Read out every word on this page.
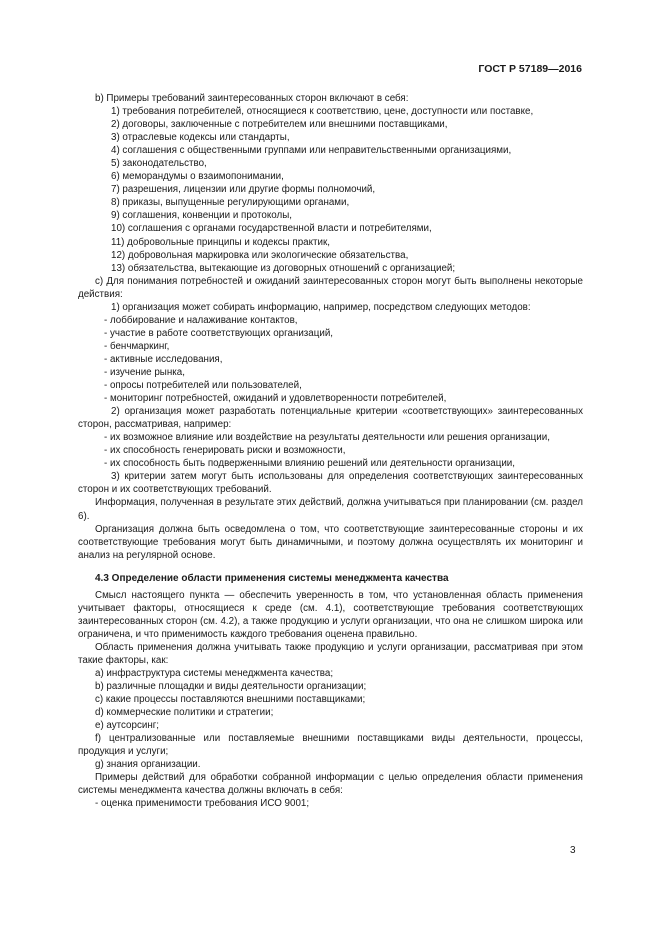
ГОСТ Р 57189—2016

b) Примеры требований заинтересованных сторон включают в себя:

1) требования потребителей, относящиеся к соответствию, цене, доступности или поставке,

2) договоры, заключенные с потребителем или внешними поставщиками,

3) отраслевые кодексы или стандарты,

4) соглашения с общественными группами или неправительственными организациями,

5) законодательство,

6) меморандумы о взаимопонимании,

7) разрешения, лицензии или другие формы полномочий,

8) приказы, выпущенные регулирующими органами,

9) соглашения, конвенции и протоколы,

10) соглашения с органами государственной власти и потребителями,

11) добровольные принципы и кодексы практик,

12) добровольная маркировка или экологические обязательства,

13) обязательства, вытекающие из договорных отношений с организацией;

c) Для понимания потребностей и ожиданий заинтересованных сторон могут быть выполнены некоторые действия:

1) организация может собирать информацию, например, посредством следующих методов:

- лоббирование и налаживание контактов,

- участие в работе соответствующих организаций,

- бенчмаркинг,

- активные исследования,

- изучение рынка,

- опросы потребителей или пользователей,

- мониторинг потребностей, ожиданий и удовлетворенности потребителей,

2) организация может разработать потенциальные критерии «соответствующих» заинтересованных сторон, рассматривая, например:

- их возможное влияние или воздействие на результаты деятельности или решения организации,

- их способность генерировать риски и возможности,

- их способность быть подверженными влиянию решений или деятельности организации,

3) критерии затем могут быть использованы для определения соответствующих заинтересованных сторон и их соответствующих требований.

Информация, полученная в результате этих действий, должна учитываться при планировании (см. раздел 6).

Организация должна быть осведомлена о том, что соответствующие заинтересованные стороны и их соответствующие требования могут быть динамичными, и поэтому должна осуществлять их мониторинг и анализ на регулярной основе.

4.3 Определение области применения системы менеджмента качества

Смысл настоящего пункта — обеспечить уверенность в том, что установленная область применения учитывает факторы, относящиеся к среде (см. 4.1), соответствующие требования соответствующих заинтересованных сторон (см. 4.2), а также продукцию и услуги организации, что она не слишком широка или ограничена, и что применимость каждого требования оценена правильно.

Область применения должна учитывать также продукцию и услуги организации, рассматривая при этом такие факторы, как:

a) инфраструктура системы менеджмента качества;

b) различные площадки и виды деятельности организации;

c) какие процессы поставляются внешними поставщиками;

d) коммерческие политики и стратегии;

e) аутсорсинг;

f) централизованные или поставляемые внешними поставщиками виды деятельности, процессы, продукция и услуги;

g) знания организации.

Примеры действий для обработки собранной информации с целью определения области применения системы менеджмента качества должны включать в себя:

- оценка применимости требования ИСО 9001;

3
